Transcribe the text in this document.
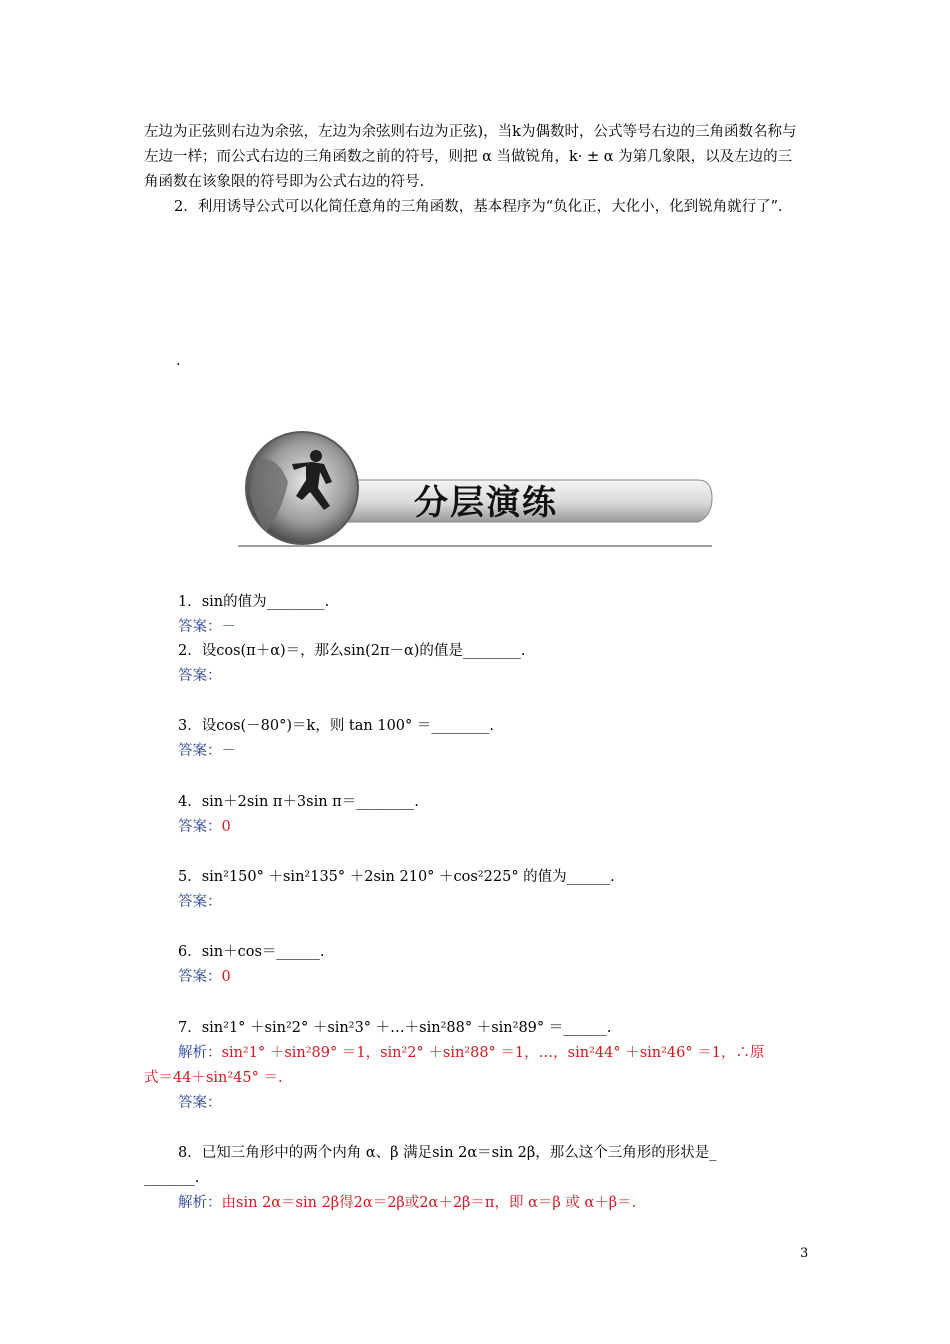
左边为正弦则右边为余弦，左边为余弦则右边为正弦)，当k为偶数时，公式等号右边的三角函数名称与左边一样；而公式右边的三角函数之前的符号，则把 α 当做锐角，k· ± α 为第几象限，以及左边的三角函数在该象限的符号即为公式右边的符号.

2．利用诱导公式可以化简任意角的三角函数，基本程序为“负化正，大化小，化到锐角就行了”．

.
分层演练
1．sin的值为________.
答案：－
2．设cos(π＋α)＝，那么sin(2π－α)的值是________.
答案：
3．设cos(－80°)＝k，则 tan 100° ＝________.
答案：－
4．sin＋2sin π＋3sin π＝________.
答案：0
5．sin²150° ＋sin²135° ＋2sin 210° ＋cos²225° 的值为______.
答案：
6．sin＋cos＝______.
答案：0
7．sin²1° ＋sin²2° ＋sin²3° ＋…＋sin²88° ＋sin²89° ＝______.
解析：sin²1° ＋sin²89° ＝1，sin²2° ＋sin²88° ＝1，…，sin²44° ＋sin²46° ＝1，∴原
式＝44＋sin²45° ＝.
答案：
8．已知三角形中的两个内角 α、β 满足sin 2α＝sin 2β，那么这个三角形的形状是_
_______.
解析：由sin 2α＝sin 2β得2α＝2β或2α＋2β＝π，即 α＝β 或 α＋β＝.
3
